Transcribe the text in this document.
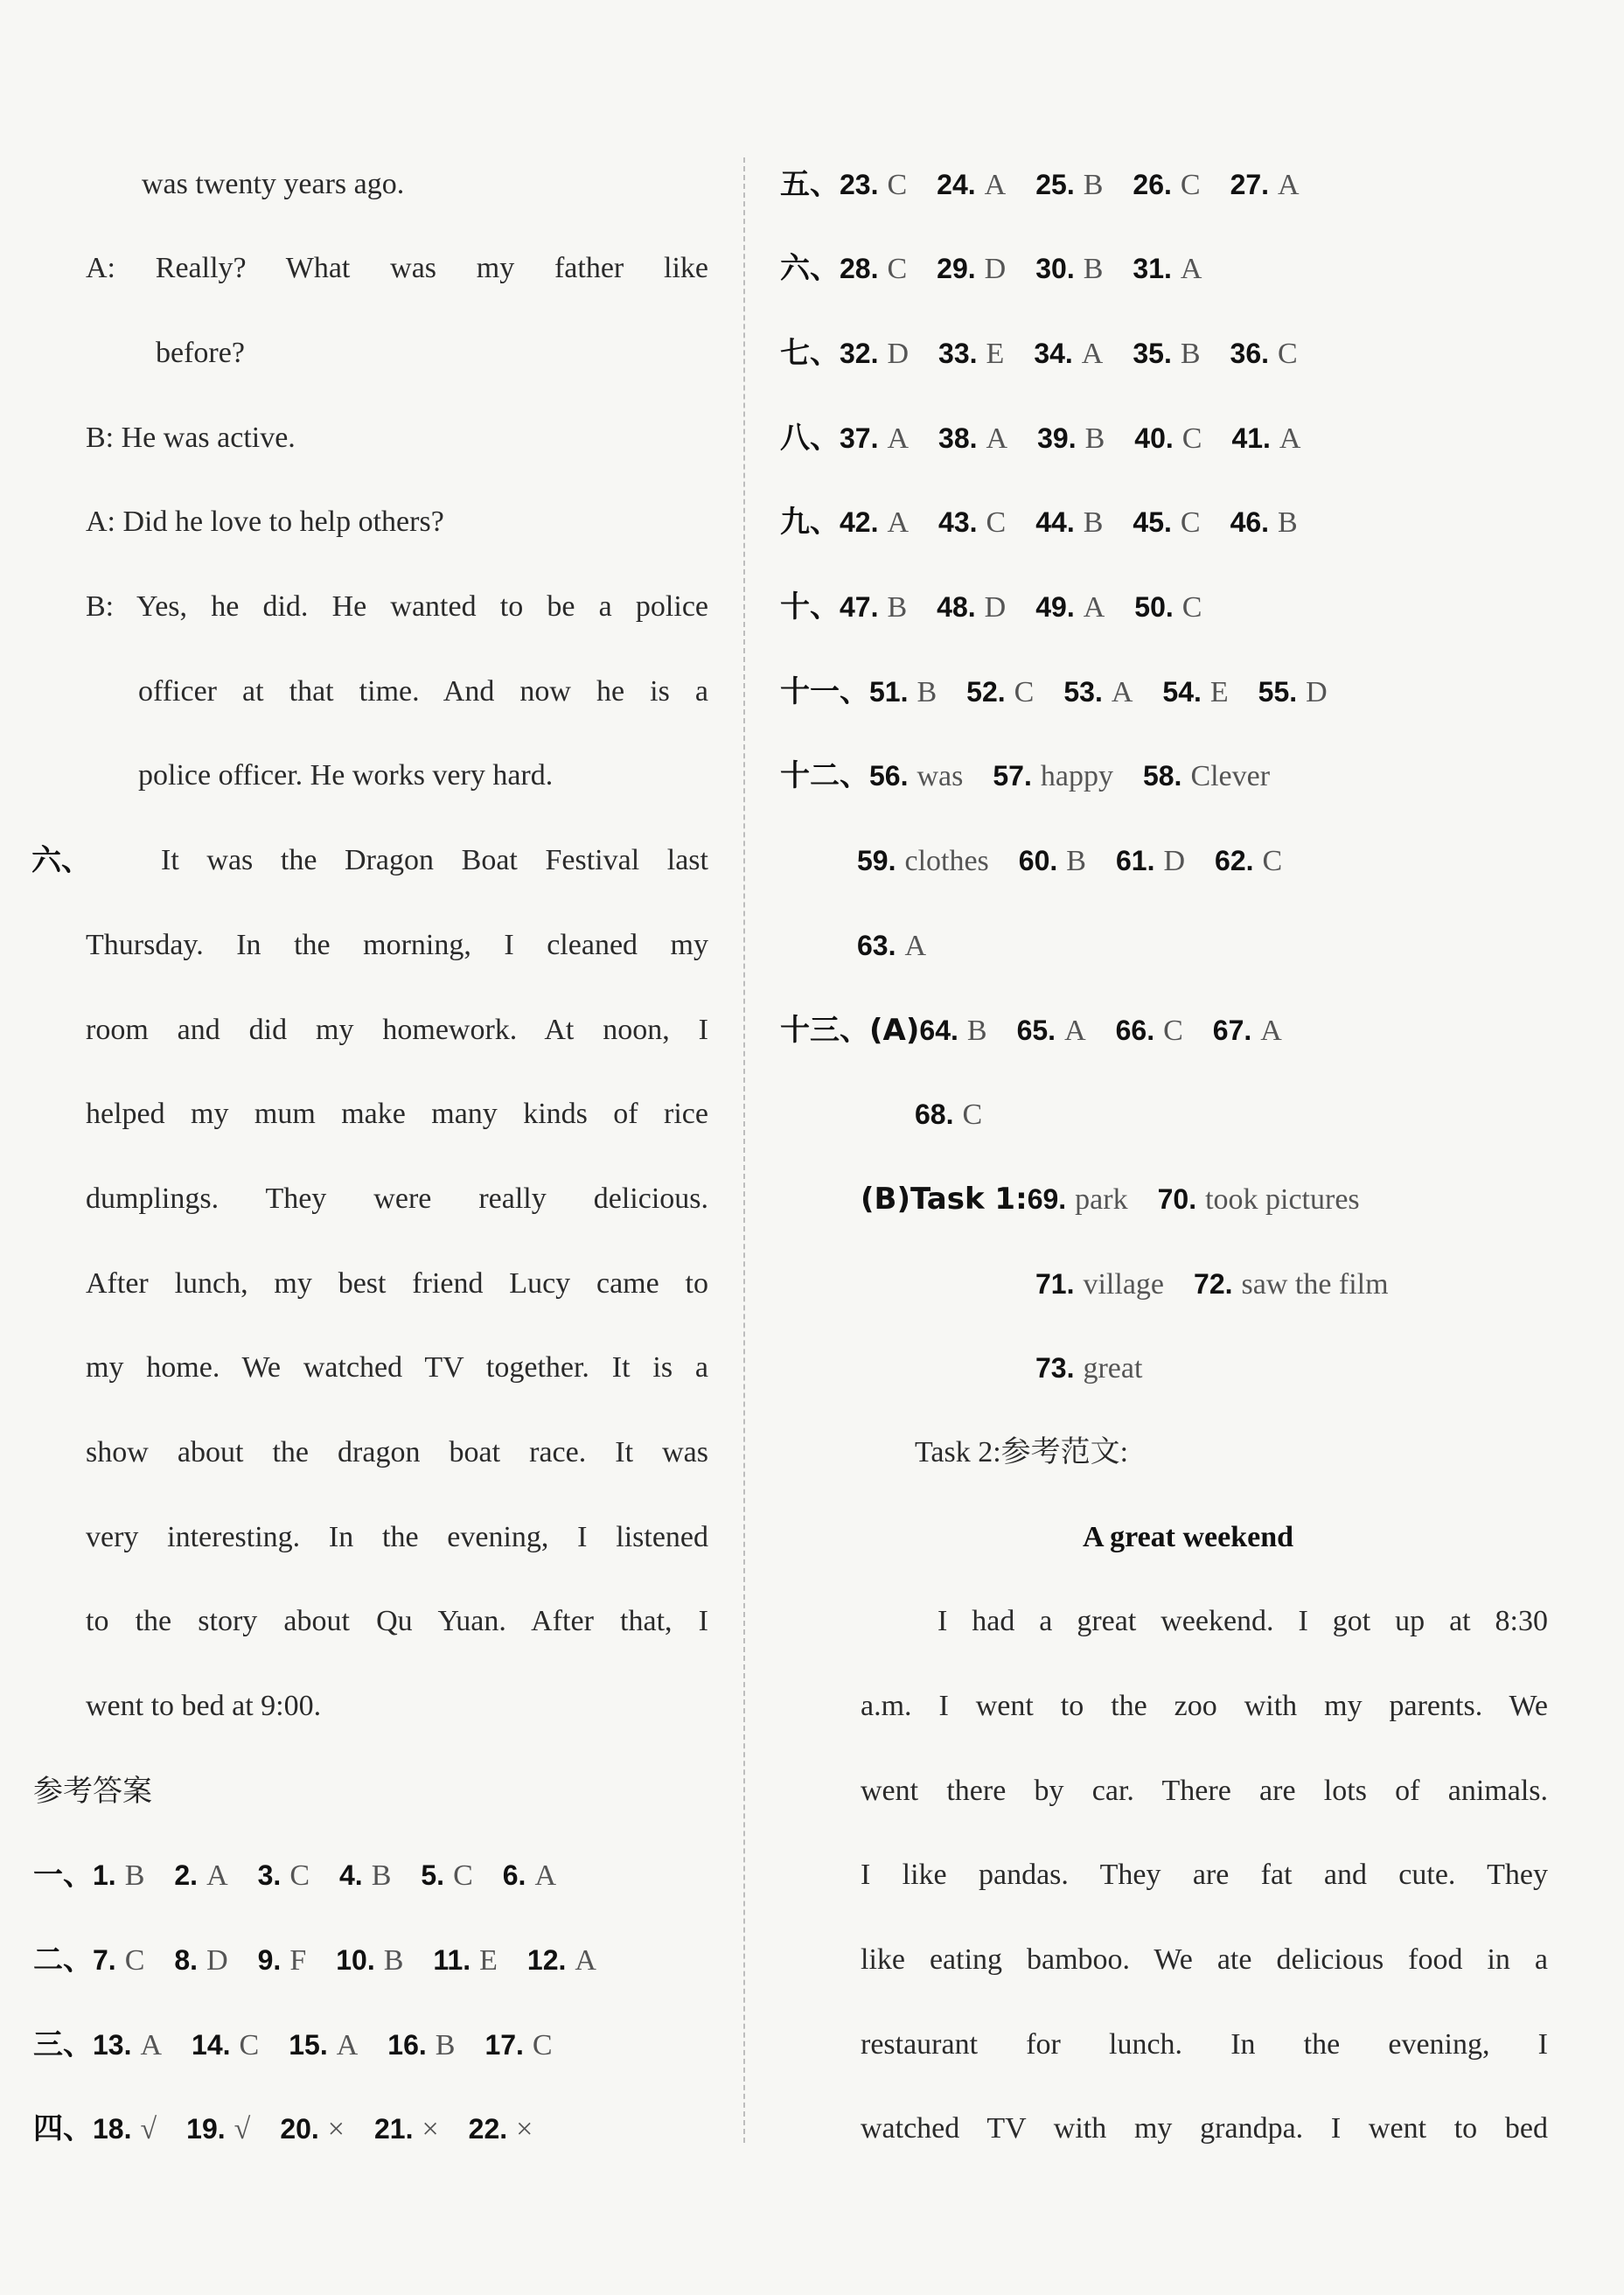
was twenty years ago.
A: Really? What was my father like
before?
B: He was active.
A: Did he love to help others?
B: Yes, he did. He wanted to be a police
officer at that time. And now he is a
police officer. He works very hard.
六、 It was the Dragon Boat Festival last
Thursday. In the morning, I cleaned my
room and did my homework. At noon, I
helped my mum make many kinds of rice
dumplings. They were really delicious.
After lunch, my best friend Lucy came to
my home. We watched TV together. It is a
show about the dragon boat race. It was
very interesting. In the evening, I listened
to the story about Qu Yuan. After that, I
went to bed at 9:00.
参考答案
一、1. B 2. A 3. C 4. B 5. C 6. A
二、7. C 8. D 9. F 10. B 11. E 12. A
三、13. A 14. C 15. A 16. B 17. C
四、18. √ 19. √ 20. × 21. × 22. ×
五、23. C 24. A 25. B 26. C 27. A
六、28. C 29. D 30. B 31. A
七、32. D 33. E 34. A 35. B 36. C
八、37. A 38. A 39. B 40. C 41. A
九、42. A 43. C 44. B 45. C 46. B
十、47. B 48. D 49. A 50. C
十一、51. B 52. C 53. A 54. E 55. D
十二、56. was 57. happy 58. Clever
59. clothes 60. B 61. D 62. C
63. A
十三、(A)64. B 65. A 66. C 67. A
68. C
(B)Task 1:69. park 70. took pictures
71. village 72. saw the film
73. great
Task 2:参考范文:
A great weekend
I had a great weekend. I got up at 8:30
a.m. I went to the zoo with my parents. We
went there by car. There are lots of animals.
I like pandas. They are fat and cute. They
like eating bamboo. We ate delicious food in a
restaurant for lunch. In the evening, I
watched TV with my grandpa. I went to bed
